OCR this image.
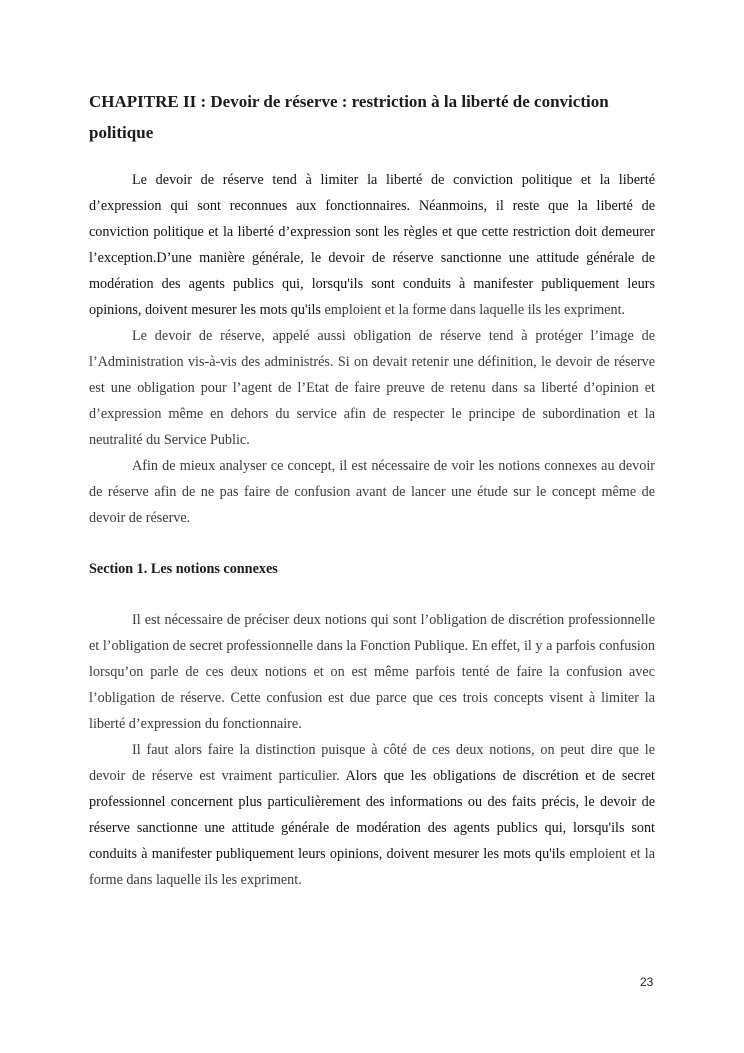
CHAPITRE II : Devoir de réserve : restriction à la liberté de conviction politique

Le devoir de réserve tend à limiter la liberté de conviction politique et la liberté d’expression qui sont reconnues aux fonctionnaires. Néanmoins, il reste que la liberté de conviction politique et la liberté d’expression sont les règles et que cette restriction doit demeurer l’exception.D’une manière générale, le devoir de réserve sanctionne une attitude générale de modération des agents publics qui, lorsqu'ils sont conduits à manifester publiquement leurs opinions, doivent mesurer les mots qu'ils emploient et la forme dans laquelle ils les expriment.

Le devoir de réserve, appelé aussi obligation de réserve tend à protéger l’image de l’Administration vis-à-vis des administrés. Si on devait retenir une définition, le devoir de réserve est une obligation pour l’agent de l’Etat de faire preuve de retenu dans sa liberté d’opinion et d’expression même en dehors du service afin de respecter le principe de subordination et la neutralité du Service Public.

Afin de mieux analyser ce concept, il est nécessaire de voir les notions connexes au devoir de réserve afin de ne pas faire de confusion avant de lancer une étude sur le concept même de devoir de réserve.

Section 1. Les notions connexes

Il est nécessaire de préciser deux notions qui sont l’obligation de discrétion professionnelle et l’obligation de secret professionnelle dans la Fonction Publique. En effet, il y a parfois confusion lorsqu’on parle de ces deux notions et on est même parfois tenté de faire la confusion avec l’obligation de réserve. Cette confusion est due parce que ces trois concepts visent à limiter la liberté d’expression du fonctionnaire.

Il faut alors faire la distinction puisque à côté de ces deux notions, on peut dire que le devoir de réserve est vraiment particulier. Alors que les obligations de discrétion et de secret professionnel concernent plus particulièrement des informations ou des faits précis, le devoir de réserve sanctionne une attitude générale de modération des agents publics qui, lorsqu'ils sont conduits à manifester publiquement leurs opinions, doivent mesurer les mots qu'ils emploient et la forme dans laquelle ils les expriment.

23
